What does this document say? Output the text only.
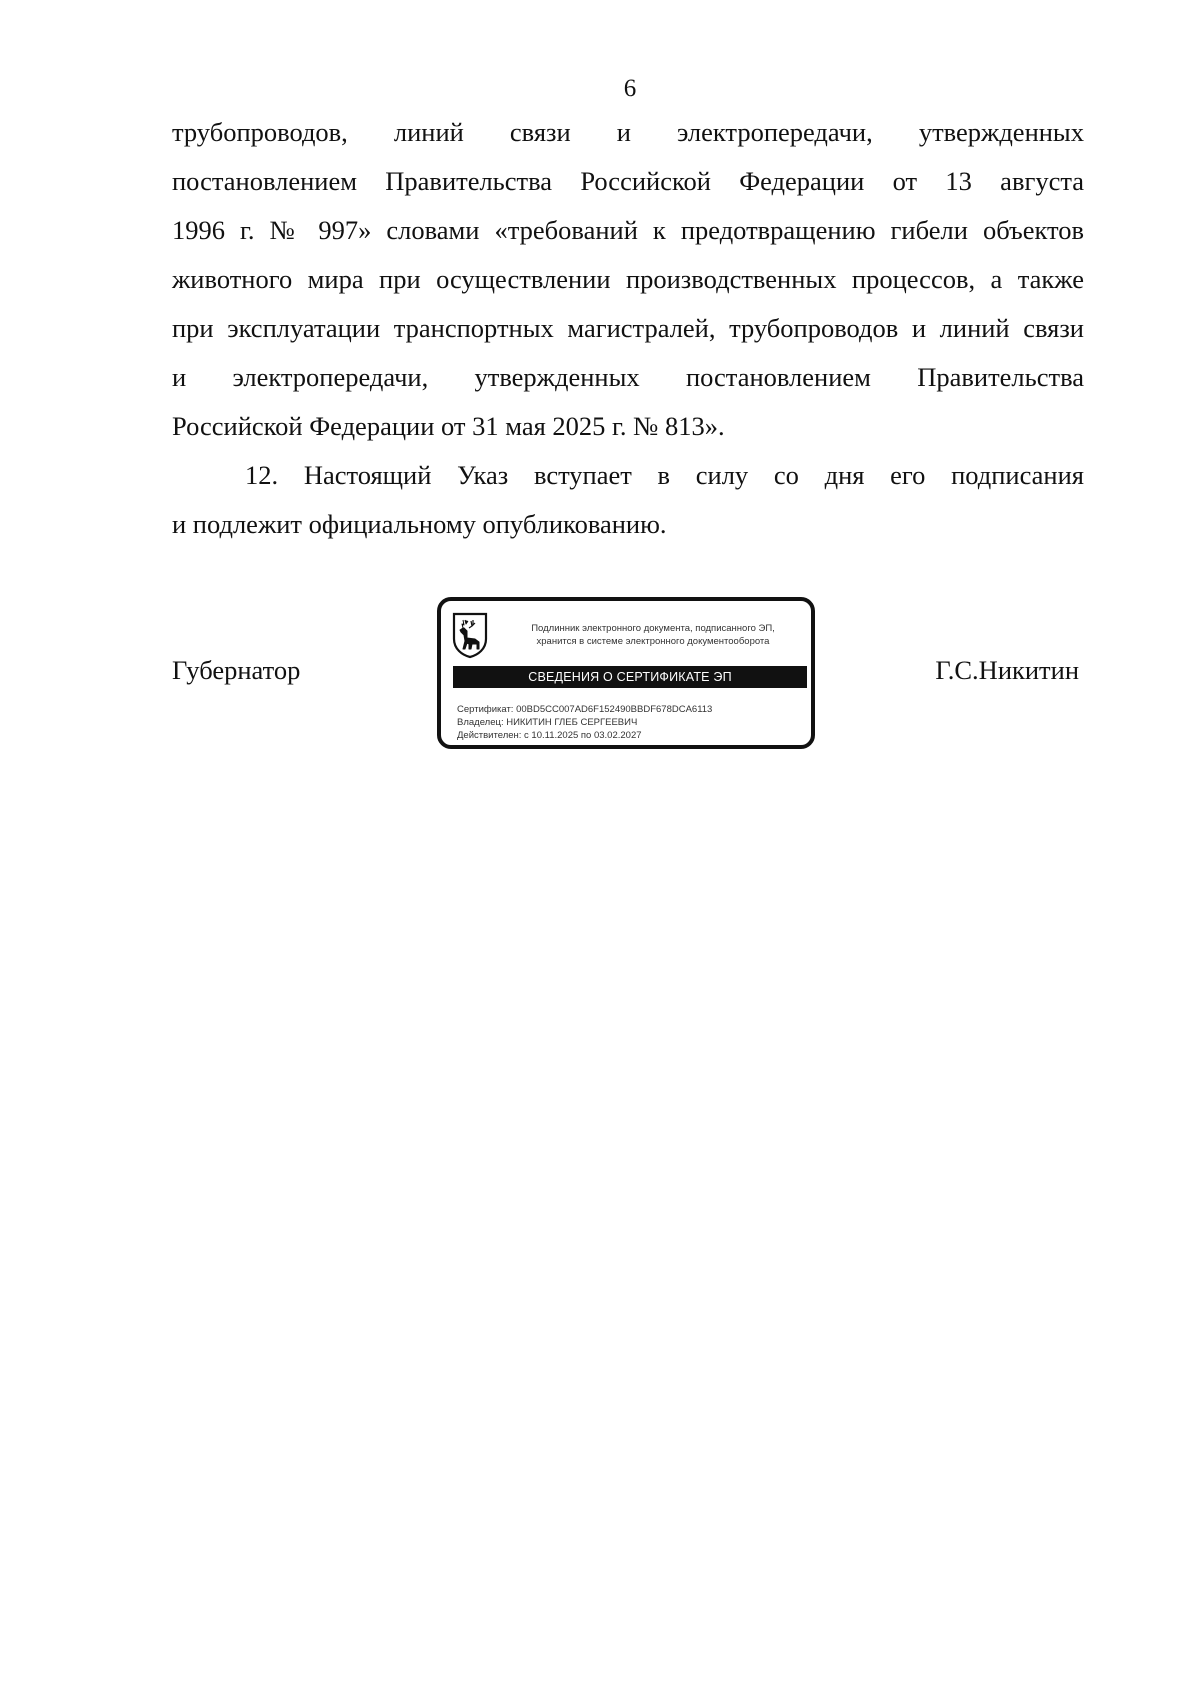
6

трубопроводов, линий связи и электропередачи, утвержденных
постановлением Правительства Российской Федерации от 13 августа
1996 г. № 997» словами «требований к предотвращению гибели объектов
животного мира при осуществлении производственных процессов, а также
при эксплуатации транспортных магистралей, трубопроводов и линий связи
и электропередачи, утвержденных постановлением Правительства
Российской Федерации от 31 мая 2025 г. № 813».

12. Настоящий Указ вступает в силу со дня его подписания
и подлежит официальному опубликованию.

Губернатор	Г.С.Никитин
Подлинник электронного документа, подписанного ЭП,
хранится в системе электронного документооборота
СВЕДЕНИЯ О СЕРТИФИКАТЕ ЭП
Сертификат: 00BD5CC007AD6F152490BBDF678DCA6113
Владелец: НИКИТИН ГЛЕБ СЕРГЕЕВИЧ
Действителен: с 10.11.2025 по 03.02.2027
